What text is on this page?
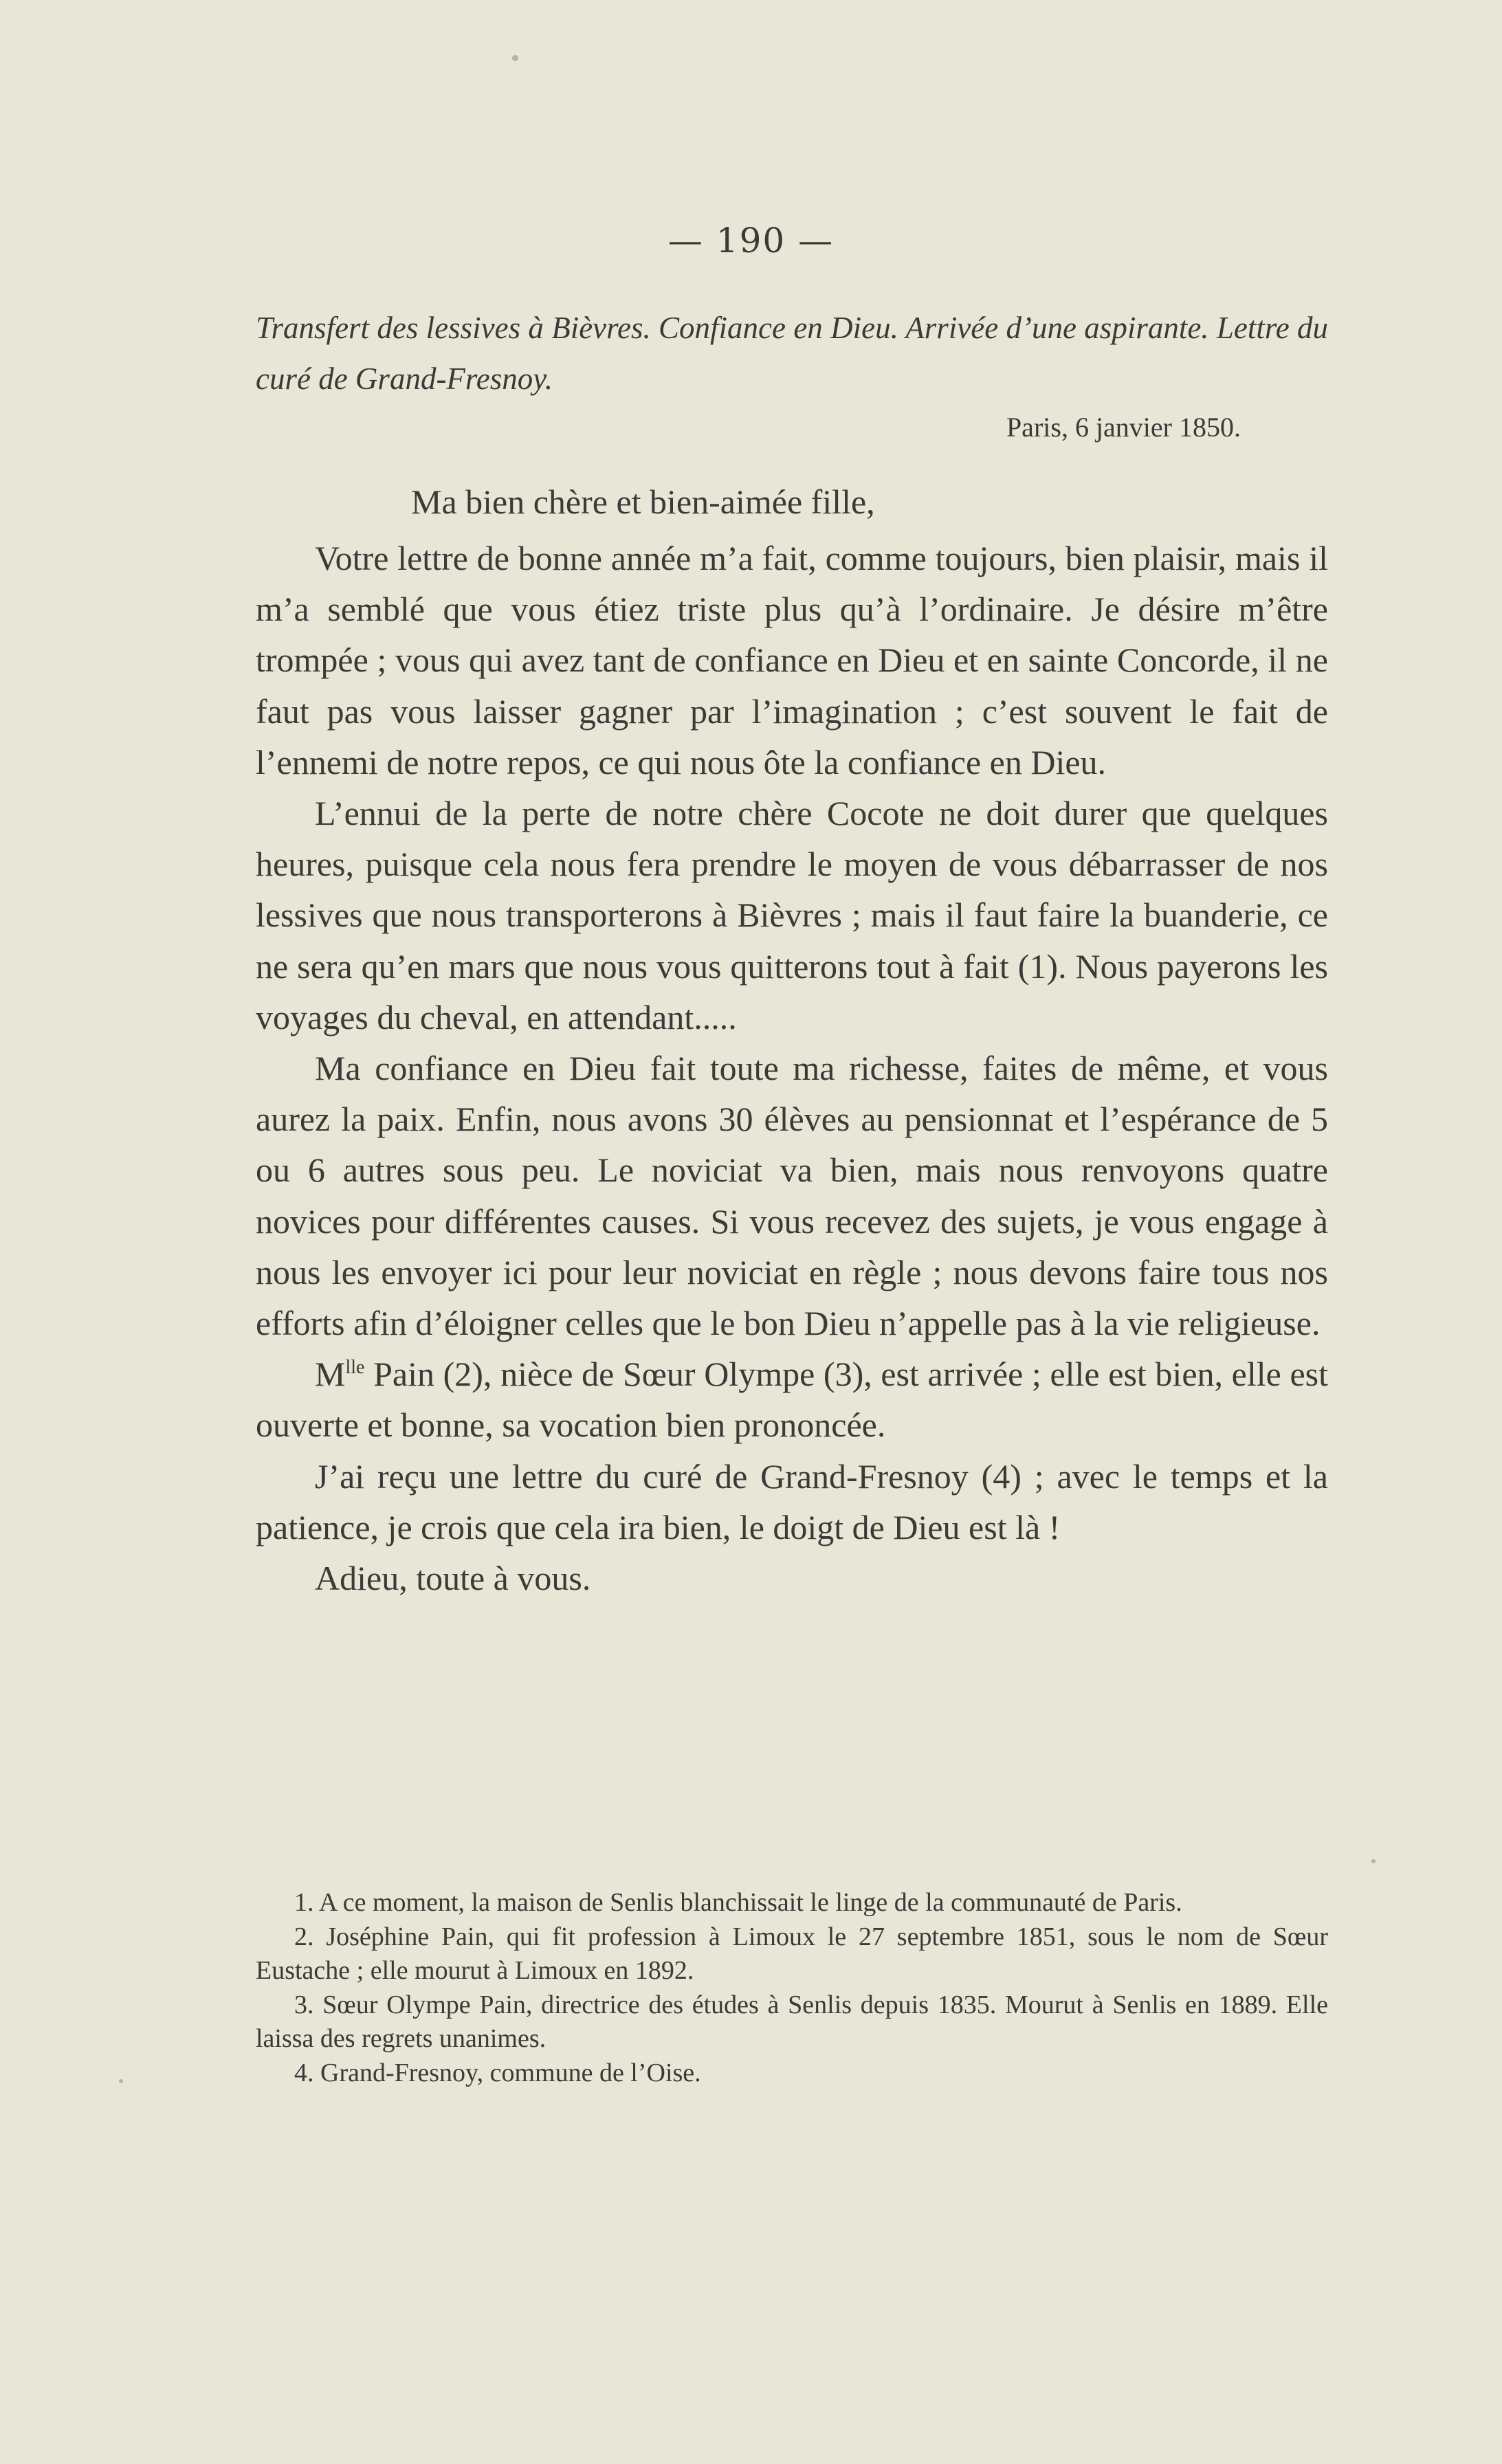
— 190 —
Transfert des lessives à Bièvres. Confiance en Dieu. Arrivée d’une aspirante. Lettre du curé de Grand-Fresnoy.
Paris, 6 janvier 1850.
Ma bien chère et bien-aimée fille,

Votre lettre de bonne année m’a fait, comme toujours, bien plaisir, mais il m’a semblé que vous étiez triste plus qu’à l’ordinaire. Je désire m’être trompée ; vous qui avez tant de confiance en Dieu et en sainte Concorde, il ne faut pas vous laisser gagner par l’imagination ; c’est souvent le fait de l’ennemi de notre repos, ce qui nous ôte la confiance en Dieu.

L’ennui de la perte de notre chère Cocote ne doit durer que quelques heures, puisque cela nous fera prendre le moyen de vous débarrasser de nos lessives que nous transporterons à Bièvres ; mais il faut faire la buanderie, ce ne sera qu’en mars que nous vous quitterons tout à fait (1). Nous payerons les voyages du cheval, en attendant.....

Ma confiance en Dieu fait toute ma richesse, faites de même, et vous aurez la paix. Enfin, nous avons 30 élèves au pensionnat et l’espérance de 5 ou 6 autres sous peu. Le noviciat va bien, mais nous renvoyons quatre novices pour différentes causes. Si vous recevez des sujets, je vous engage à nous les envoyer ici pour leur noviciat en règle ; nous devons faire tous nos efforts afin d’éloigner celles que le bon Dieu n’appelle pas à la vie religieuse.

$M^{lle}$ Pain (2), nièce de Sœur Olympe (3), est arrivée ; elle est bien, elle est ouverte et bonne, sa vocation bien prononcée.

J’ai reçu une lettre du curé de Grand-Fresnoy (4) ; avec le temps et la patience, je crois que cela ira bien, le doigt de Dieu est là !

Adieu, toute à vous.

1. A ce moment, la maison de Senlis blanchissait le linge de la communauté de Paris.

2. Joséphine Pain, qui fit profession à Limoux le 27 septembre 1851, sous le nom de Sœur Eustache ; elle mourut à Limoux en 1892.

3. Sœur Olympe Pain, directrice des études à Senlis depuis 1835. Mourut à Senlis en 1889. Elle laissa des regrets unanimes.

4. Grand-Fresnoy, commune de l’Oise.
